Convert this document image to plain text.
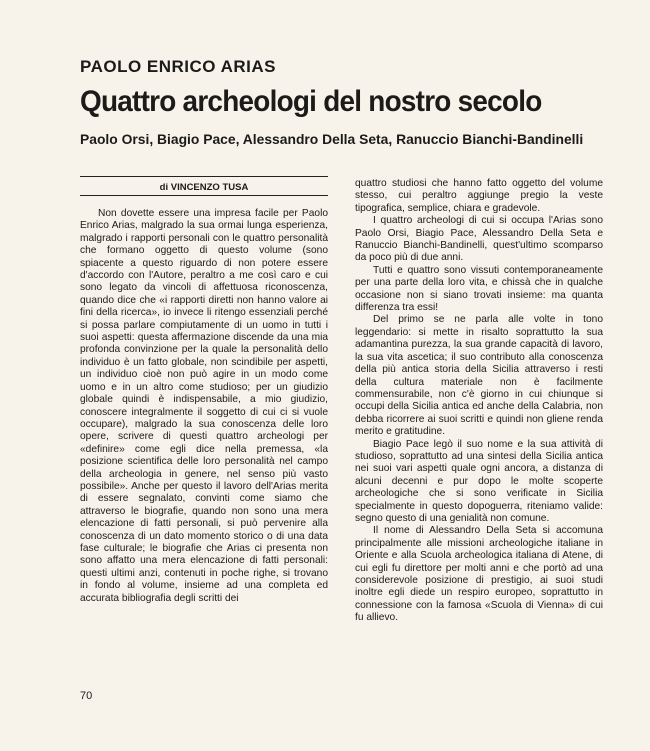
PAOLO ENRICO ARIAS
Quattro archeologi del nostro secolo
Paolo Orsi, Biagio Pace, Alessandro Della Seta, Ranuccio Bianchi-Bandinelli
di VINCENZO TUSA

Non dovette essere una impresa facile per Paolo Enrico Arias, malgrado la sua ormai lunga esperienza, malgrado i rapporti personali con le quattro personalità che formano oggetto di questo volume (sono spiacente a questo riguardo di non potere essere d'accordo con l'Autore, peraltro a me così caro e cui sono legato da vincoli di affettuosa riconoscenza, quando dice che «i rapporti diretti non hanno valore ai fini della ricerca», io invece li ritengo essenziali perché si possa parlare compiutamente di un uomo in tutti i suoi aspetti: questa affermazione discende da una mia profonda convinzione per la quale la personalità dello individuo è un fatto globale, non scindibile per aspetti, un individuo cioè non può agire in un modo come uomo e in un altro come studioso; per un giudizio globale quindi è indispensabile, a mio giudizio, conoscere integralmente il soggetto di cui ci si vuole occupare), malgrado la sua conoscenza delle loro opere, scrivere di questi quattro archeologi per «definire» come egli dice nella premessa, «la posizione scientifica delle loro personalità nel campo della archeologia in genere, nel senso più vasto possibile». Anche per questo il lavoro dell'Arias merita di essere segnalato, convinti come siamo che attraverso le biografie, quando non sono una mera elencazione di fatti personali, si può pervenire alla conoscenza di un dato momento storico o di una data fase culturale; le biografie che Arias ci presenta non sono affatto una mera elencazione di fatti personali: questi ultimi anzi, contenuti in poche righe, si trovano in fondo al volume, insieme ad una completa ed accurata bibliografia degli scritti dei

quattro studiosi che hanno fatto oggetto del volume stesso, cui peraltro aggiunge pregio la veste tipografica, semplice, chiara e gradevole.

I quattro archeologi di cui si occupa l'Arias sono Paolo Orsi, Biagio Pace, Alessandro Della Seta e Ranuccio Bianchi-Bandinelli, quest'ultimo scomparso da poco più di due anni.

Tutti e quattro sono vissuti contemporaneamente per una parte della loro vita, e chissà che in qualche occasione non si siano trovati insieme: ma quanta differenza tra essi!

Del primo se ne parla alle volte in tono leggendario: si mette in risalto soprattutto la sua adamantina purezza, la sua grande capacità di lavoro, la sua vita ascetica; il suo contributo alla conoscenza della più antica storia della Sicilia attraverso i resti della cultura materiale non è facilmente commensurabile, non c'è giorno in cui chiunque si occupi della Sicilia antica ed anche della Calabria, non debba ricorrere ai suoi scritti e quindi non gliene renda merito e gratitudine.

Biagio Pace legò il suo nome e la sua attività di studioso, soprattutto ad una sintesi della Sicilia antica nei suoi vari aspetti quale ogni ancora, a distanza di alcuni decenni e pur dopo le molte scoperte archeologiche che si sono verificate in Sicilia specialmente in questo dopoguerra, riteniamo valide: segno questo di una genialità non comune.

Il nome di Alessandro Della Seta si accomuna principalmente alle missioni archeologiche italiane in Oriente e alla Scuola archeologica italiana di Atene, di cui egli fu direttore per molti anni e che portò ad una considerevole posizione di prestigio, ai suoi studi inoltre egli diede un respiro europeo, soprattutto in connessione con la famosa «Scuola di Vienna» di cui fu allievo.

70
